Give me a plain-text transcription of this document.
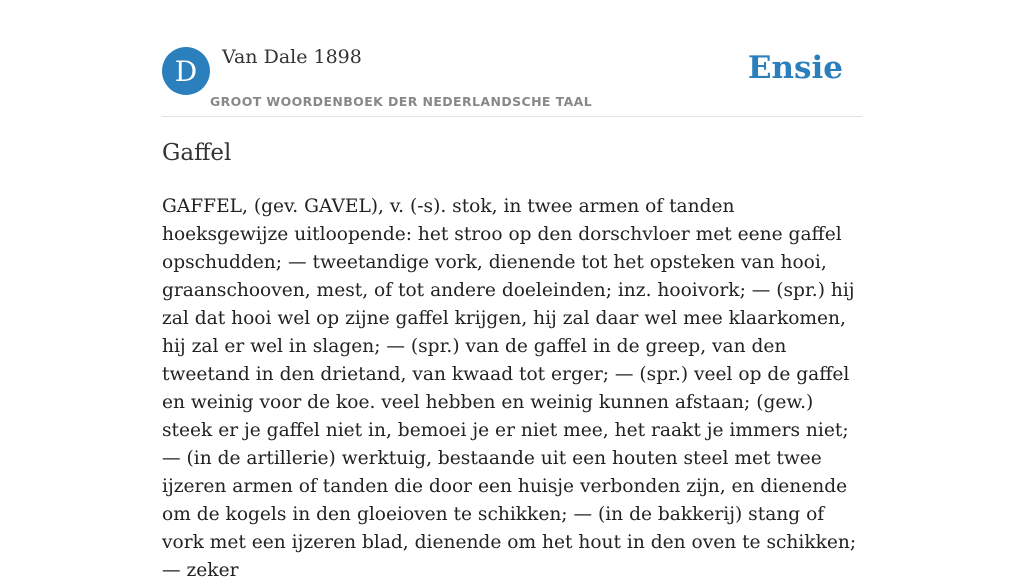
D	Van Dale 1898
GROOT WOORDENBOEK DER NEDERLANDSCHE TAAL
Ensie
Gaffel

GAFFEL, (gev. GAVEL), v. (-s). stok, in twee armen of tanden hoeksgewijze uitloopende: het stroo op den dorschvloer met eene gaffel opschudden; — tweetandige vork, dienende tot het opsteken van hooi, graanschooven, mest, of tot andere doeleinden; inz. hooivork; — (spr.) hij zal dat hooi wel op zijne gaffel krijgen, hij zal daar wel mee klaarkomen, hij zal er wel in slagen; — (spr.) van de gaffel in de greep, van den tweetand in den drietand, van kwaad tot erger; — (spr.) veel op de gaffel en weinig voor de koe. veel hebben en weinig kunnen afstaan; (gew.) steek er je gaffel niet in, bemoei je er niet mee, het raakt je immers niet; — (in de artillerie) werktuig, bestaande uit een houten steel met twee ijzeren armen of tanden die door een huisje verbonden zijn, en dienende om de kogels in den gloeioven te schikken; — (in de bakkerij) stang of vork met een ijzeren blad, dienende om het hout in den oven te schikken; — zeker
